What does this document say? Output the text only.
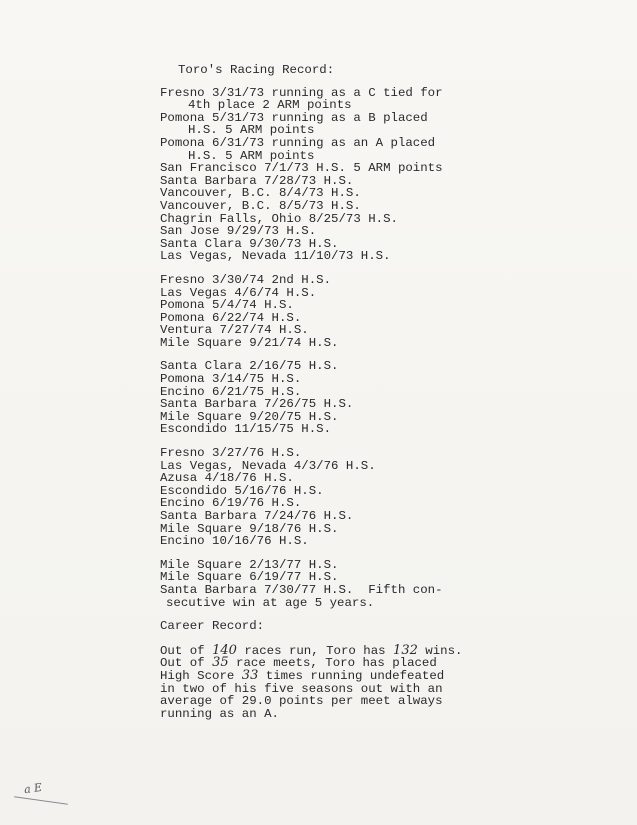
Toro's Racing Record:
Fresno 3/31/73 running as a C tied for
4th place 2 ARM points
Pomona 5/31/73 running as a B placed
H.S. 5 ARM points
Pomona 6/31/73 running as an A placed
H.S. 5 ARM points
San Francisco 7/1/73 H.S. 5 ARM points
Santa Barbara 7/28/73 H.S.
Vancouver, B.C. 8/4/73 H.S.
Vancouver, B.C. 8/5/73 H.S.
Chagrin Falls, Ohio 8/25/73 H.S.
San Jose 9/29/73 H.S.
Santa Clara 9/30/73 H.S.
Las Vegas, Nevada 11/10/73 H.S.
Fresno 3/30/74 2nd H.S.
Las Vegas 4/6/74 H.S.
Pomona 5/4/74 H.S.
Pomona 6/22/74 H.S.
Ventura 7/27/74 H.S.
Mile Square 9/21/74 H.S.
Santa Clara 2/16/75 H.S.
Pomona 3/14/75 H.S.
Encino 6/21/75 H.S.
Santa Barbara 7/26/75 H.S.
Mile Square 9/20/75 H.S.
Escondido 11/15/75 H.S.
Fresno 3/27/76 H.S.
Las Vegas, Nevada 4/3/76 H.S.
Azusa 4/18/76 H.S.
Escondido 5/16/76 H.S.
Encino 6/19/76 H.S.
Santa Barbara 7/24/76 H.S.
Mile Square 9/18/76 H.S.
Encino 10/16/76 H.S.
Mile Square 2/13/77 H.S.
Mile Square 6/19/77 H.S.
Santa Barbara 7/30/77 H.S.  Fifth con-
secutive win at age 5 years.
Career Record:
Out of 140 races run, Toro has 132 wins.
Out of 35 race meets, Toro has placed
High Score 33 times running undefeated
in two of his five seasons out with an
average of 29.0 points per meet always
running as an A.
a E
